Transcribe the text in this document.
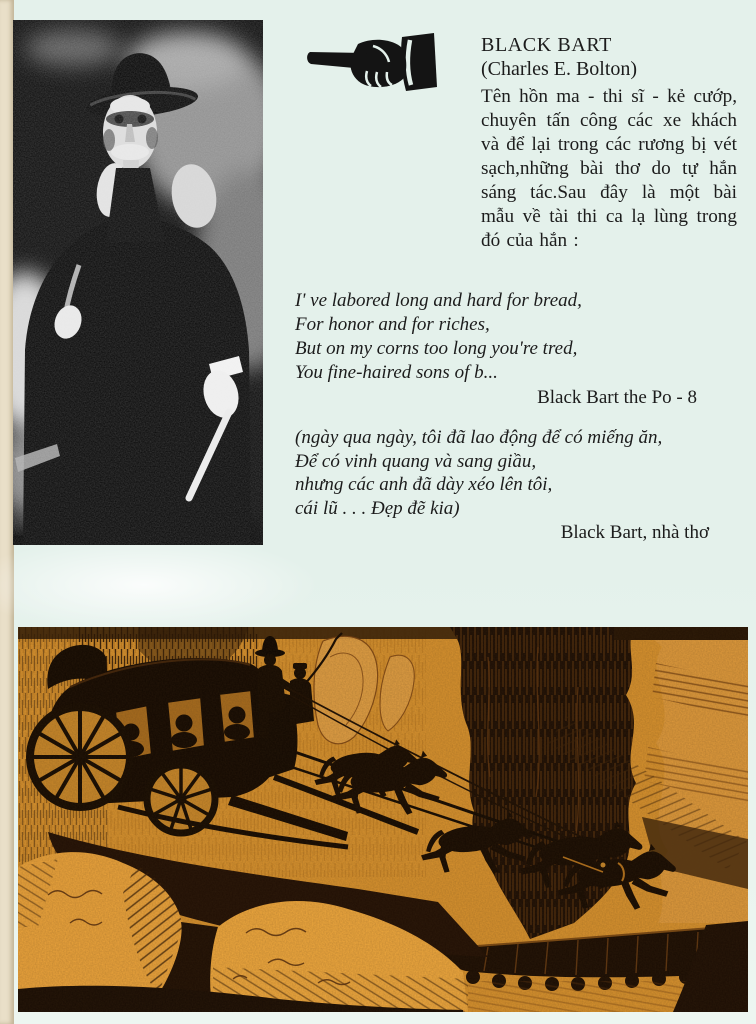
BLACK BART
(Charles E. Bolton)
Tên hồn ma - thi sĩ - kẻ cướp, chuyên tấn công các xe khách và để lại trong các rương bị vét sạch,những bài thơ do tự hắn sáng tác.Sau đây là một bài mẫu về tài thi ca lạ lùng trong đó của hắn :
I' ve labored long and hard for bread,
For honor and for riches,
But on my corns too long you're tred,
You fine-haired sons of b...
Black Bart the Po - 8
(ngày qua ngày, tôi đã lao động để có miếng ăn,
Để có vinh quang và sang giầu,
nhưng các anh đã dày xéo lên tôi,
cái lũ . . . Đẹp đẽ kia)
Black Bart, nhà thơ
